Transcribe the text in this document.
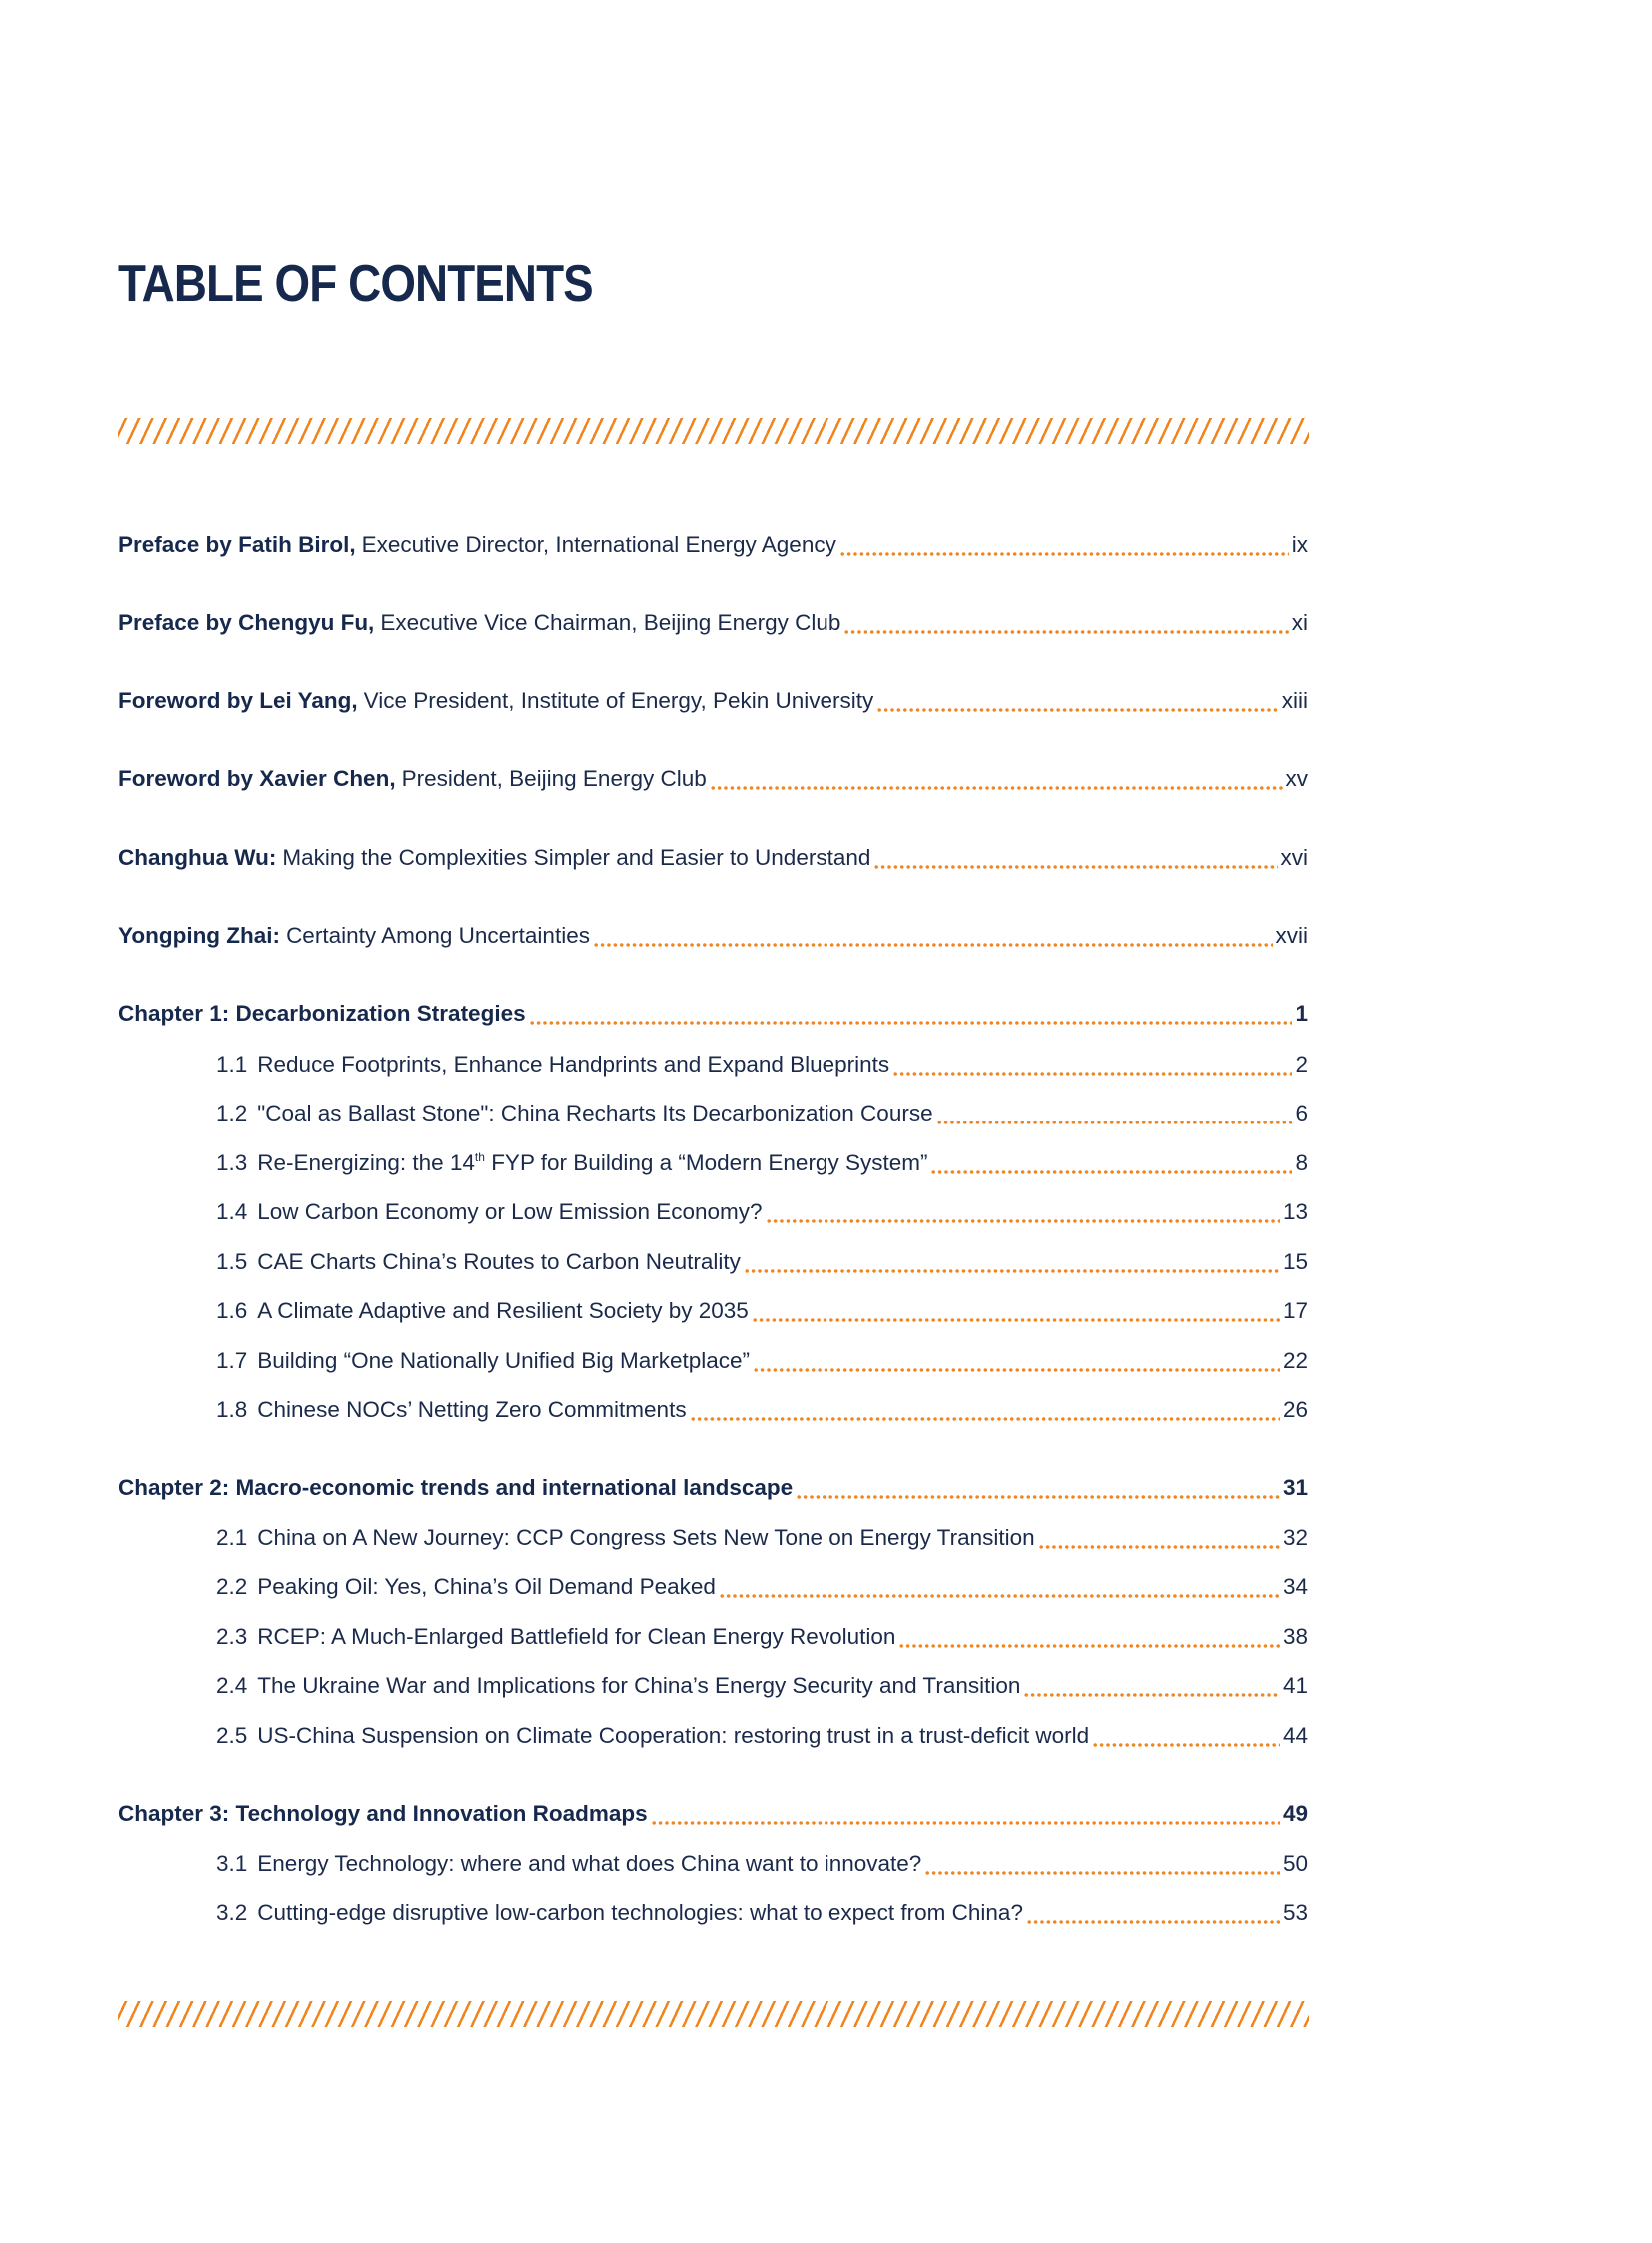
TABLE OF CONTENTS
Preface by Fatih Birol, Executive Director, International Energy Agency	ix
Preface by Chengyu Fu, Executive Vice Chairman, Beijing Energy Club	xi
Foreword by Lei Yang, Vice President, Institute of Energy, Pekin University	xiii
Foreword by Xavier Chen, President, Beijing Energy Club	xv
Changhua Wu: Making the Complexities Simpler and Easier to Understand	xvi
Yongping Zhai: Certainty Among Uncertainties	xvii
Chapter 1: Decarbonization Strategies	1
1.1 Reduce Footprints, Enhance Handprints and Expand Blueprints	2
1.2 "Coal as Ballast Stone": China Recharts Its Decarbonization Course	6
1.3 Re-Energizing: the 14th FYP for Building a “Modern Energy System”	8
1.4 Low Carbon Economy or Low Emission Economy?	13
1.5 CAE Charts China’s Routes to Carbon Neutrality	15
1.6 A Climate Adaptive and Resilient Society by 2035	17
1.7 Building “One Nationally Unified Big Marketplace”	22
1.8 Chinese NOCs’ Netting Zero Commitments	26
Chapter 2: Macro-economic trends and international landscape	31
2.1 China on A New Journey: CCP Congress Sets New Tone on Energy Transition	32
2.2 Peaking Oil: Yes, China’s Oil Demand Peaked	34
2.3 RCEP: A Much-Enlarged Battlefield for Clean Energy Revolution	38
2.4 The Ukraine War and Implications for China’s Energy Security and Transition	41
2.5 US-China Suspension on Climate Cooperation: restoring trust in a trust-deficit world	44
Chapter 3: Technology and Innovation Roadmaps	49
3.1 Energy Technology: where and what does China want to innovate?	50
3.2 Cutting-edge disruptive low-carbon technologies: what to expect from China?	53
